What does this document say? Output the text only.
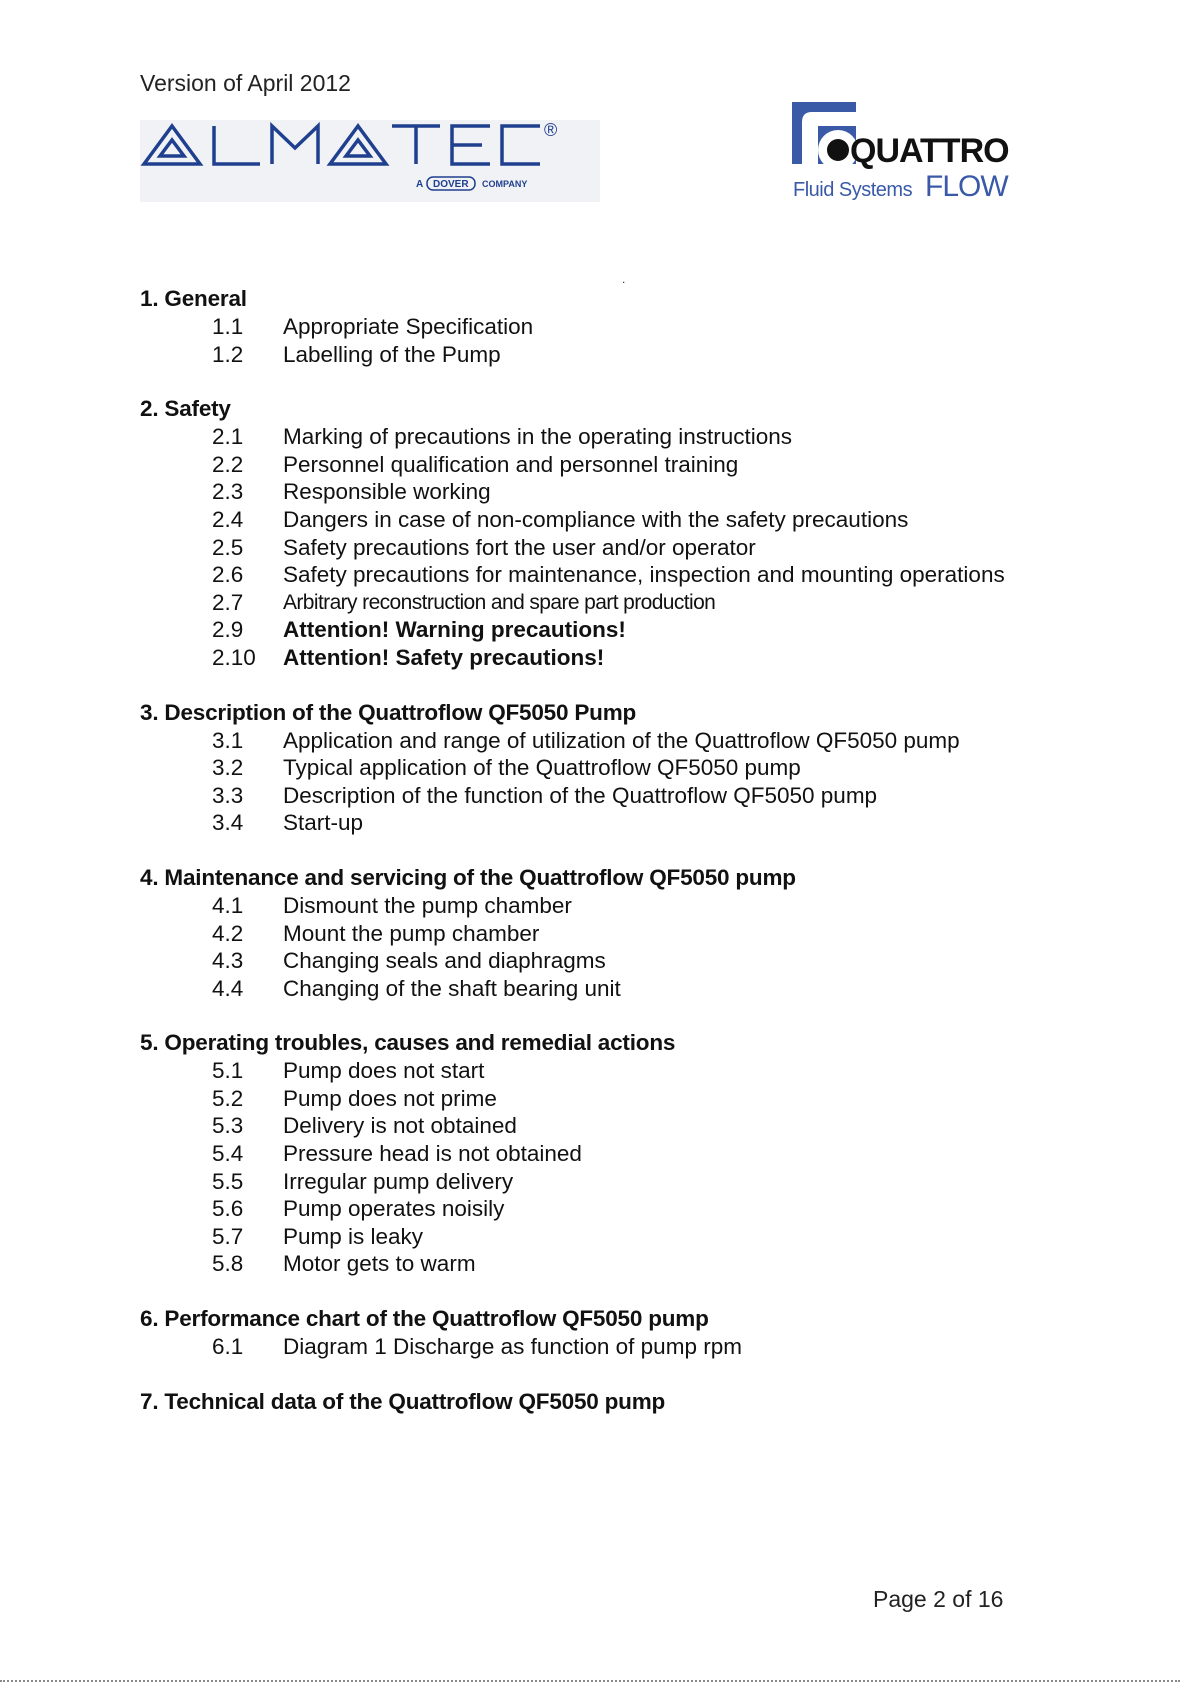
Version of April 2012
®
A DOVER COMPANY
QUATTRO
Fluid Systems FLOW
.
1. General
1.1	Appropriate Specification
1.2	Labelling of the Pump
2. Safety
2.1	Marking of precautions in the operating instructions
2.2	Personnel qualification and personnel training
2.3	Responsible working
2.4	Dangers in case of non-compliance with the safety precautions
2.5	Safety precautions fort the user and/or operator
2.6	Safety precautions for maintenance, inspection and mounting operations
2.7	Arbitrary reconstruction and spare part production
2.9	Attention! Warning precautions!
2.10	Attention! Safety precautions!
3. Description of the Quattroflow QF5050 Pump
3.1	Application and range of utilization of the Quattroflow QF5050 pump
3.2	Typical application of the Quattroflow QF5050 pump
3.3	Description of the function of the Quattroflow QF5050 pump
3.4	Start-up
4. Maintenance and servicing of the Quattroflow QF5050 pump
4.1	Dismount the pump chamber
4.2	Mount the pump chamber
4.3	Changing seals and diaphragms
4.4	Changing of the shaft bearing unit
5. Operating troubles, causes and remedial actions
5.1	Pump does not start
5.2	Pump does not prime
5.3	Delivery is not obtained
5.4	Pressure head is not obtained
5.5	Irregular pump delivery
5.6	Pump operates noisily
5.7	Pump is leaky
5.8	Motor gets to warm
6. Performance chart of the Quattroflow QF5050 pump
6.1	Diagram 1 Discharge as function of pump rpm
7. Technical data of the Quattroflow QF5050 pump
Page 2 of 16
